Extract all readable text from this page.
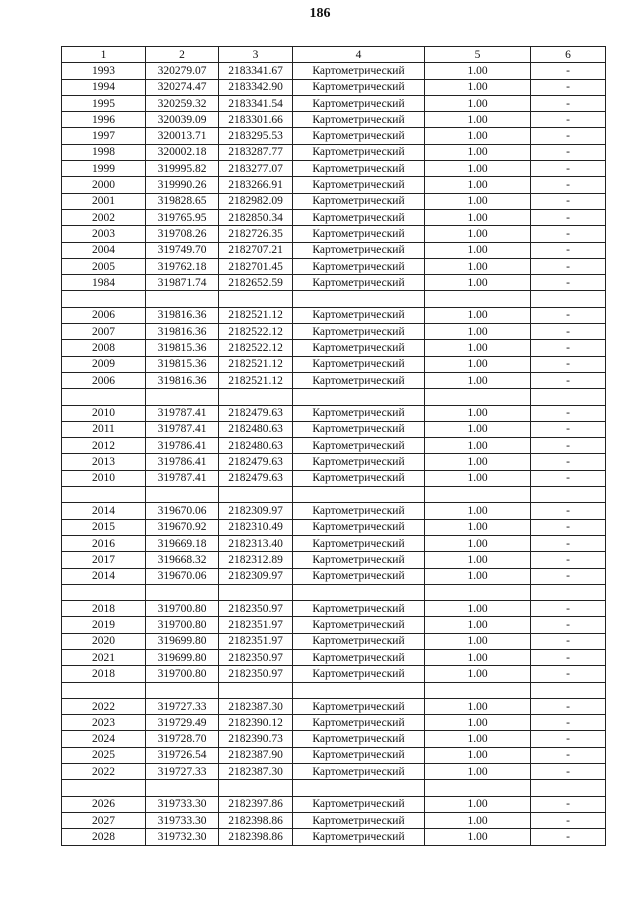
186
1	2	3	4	5	6
1993	320279.07	2183341.67	Картометрический	1.00	-
1994	320274.47	2183342.90	Картометрический	1.00	-
1995	320259.32	2183341.54	Картометрический	1.00	-
1996	320039.09	2183301.66	Картометрический	1.00	-
1997	320013.71	2183295.53	Картометрический	1.00	-
1998	320002.18	2183287.77	Картометрический	1.00	-
1999	319995.82	2183277.07	Картометрический	1.00	-
2000	319990.26	2183266.91	Картометрический	1.00	-
2001	319828.65	2182982.09	Картометрический	1.00	-
2002	319765.95	2182850.34	Картометрический	1.00	-
2003	319708.26	2182726.35	Картометрический	1.00	-
2004	319749.70	2182707.21	Картометрический	1.00	-
2005	319762.18	2182701.45	Картометрический	1.00	-
1984	319871.74	2182652.59	Картометрический	1.00	-

2006	319816.36	2182521.12	Картометрический	1.00	-
2007	319816.36	2182522.12	Картометрический	1.00	-
2008	319815.36	2182522.12	Картометрический	1.00	-
2009	319815.36	2182521.12	Картометрический	1.00	-
2006	319816.36	2182521.12	Картометрический	1.00	-

2010	319787.41	2182479.63	Картометрический	1.00	-
2011	319787.41	2182480.63	Картометрический	1.00	-
2012	319786.41	2182480.63	Картометрический	1.00	-
2013	319786.41	2182479.63	Картометрический	1.00	-
2010	319787.41	2182479.63	Картометрический	1.00	-

2014	319670.06	2182309.97	Картометрический	1.00	-
2015	319670.92	2182310.49	Картометрический	1.00	-
2016	319669.18	2182313.40	Картометрический	1.00	-
2017	319668.32	2182312.89	Картометрический	1.00	-
2014	319670.06	2182309.97	Картометрический	1.00	-

2018	319700.80	2182350.97	Картометрический	1.00	-
2019	319700.80	2182351.97	Картометрический	1.00	-
2020	319699.80	2182351.97	Картометрический	1.00	-
2021	319699.80	2182350.97	Картометрический	1.00	-
2018	319700.80	2182350.97	Картометрический	1.00	-

2022	319727.33	2182387.30	Картометрический	1.00	-
2023	319729.49	2182390.12	Картометрический	1.00	-
2024	319728.70	2182390.73	Картометрический	1.00	-
2025	319726.54	2182387.90	Картометрический	1.00	-
2022	319727.33	2182387.30	Картометрический	1.00	-

2026	319733.30	2182397.86	Картометрический	1.00	-
2027	319733.30	2182398.86	Картометрический	1.00	-
2028	319732.30	2182398.86	Картометрический	1.00	-
